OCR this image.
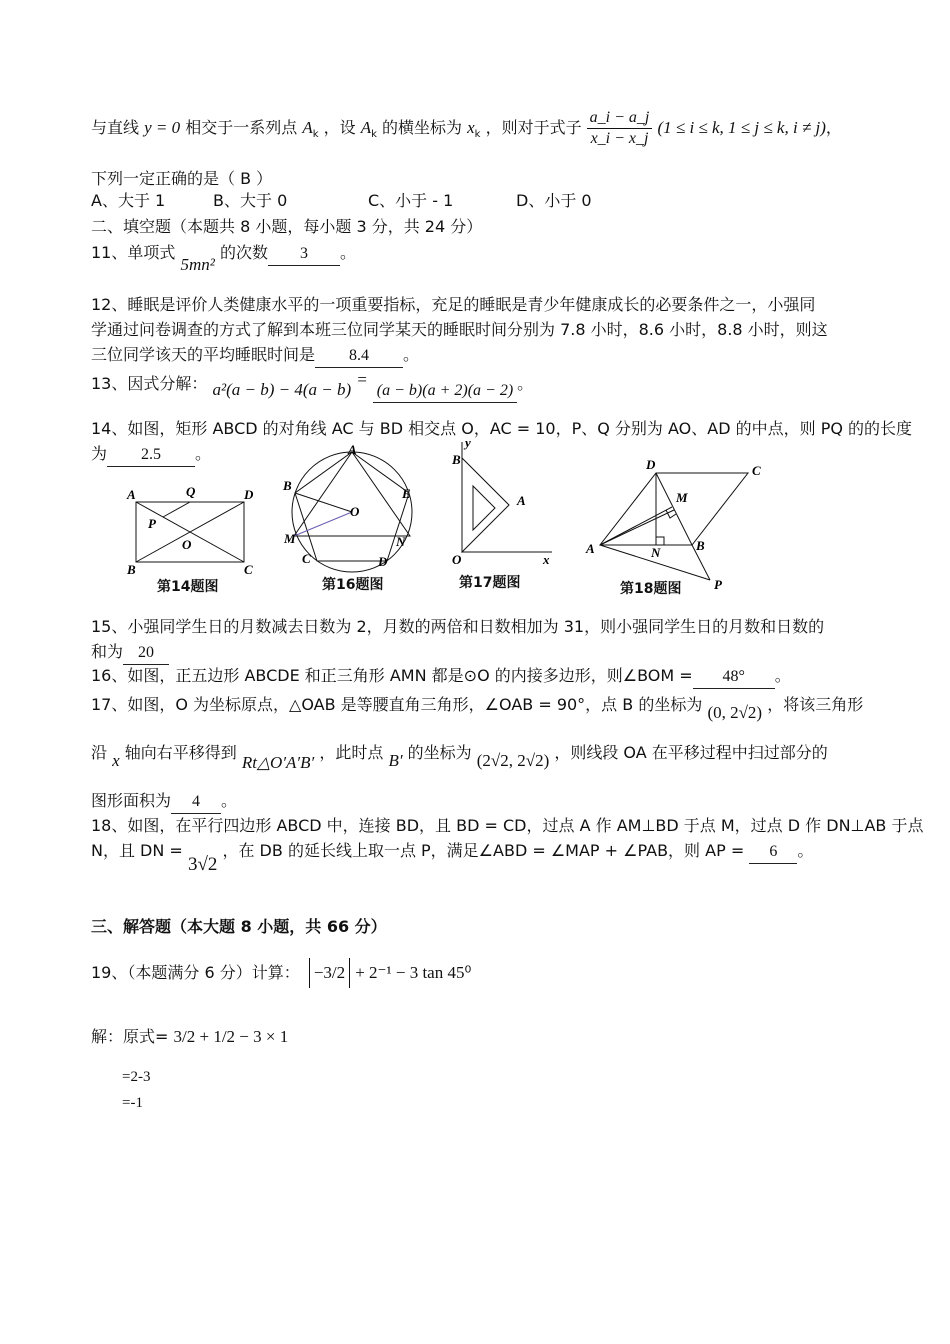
与直线 y = 0 相交于一系列点 $A_k$ ，设 $A_k$ 的横坐标为 $x_k$ ，则对于式子 $\frac{a\_i - a\_j}{x\_i - x\_j} (1 \le i \le k$, 1 ≤ j ≤ k, i ≠ j)，
下列一定正确的是（ B ）
A、大于 1	B、大于 0	C、小于 - 1	D、小于 0
二、填空题（本题共 8 小题，每小题 3 分，共 24 分）
11、单项式 5mn² 的次数 3 。
12、睡眠是评价人类健康水平的一项重要指标，充足的睡眠是青少年健康成长的必要条件之一，小强同
学通过问卷调查的方式了解到本班三位同学某天的睡眠时间分别为 7.8 小时，8.6 小时，8.8 小时，则这
三位同学该天的平均睡眠时间是 8.4 。
13、因式分解： a²(a − b) − 4(a − b) = (a − b)(a + 2)(a − 2) 。
14、如图，矩形 ABCD 的对角线 AC 与 BD 相交点 O，AC = 10，P、Q 分别为 AO、AD 的中点，则 PQ 的的长度
为 2.5 。
A	Q	D
P
O
B	C
第14题图
A
B
E
O
M	N
C	D
第16题图
y
B
A
O	x
第17题图
D	C
M
A	N	B
P
第18题图
15、小强同学生日的月数减去日数为 2，月数的两倍和日数相加为 31，则小强同学生日的月数和日数的
和为 20
16、如图，正五边形 ABCDE 和正三角形 AMN 都是⊙O 的内接多边形，则∠BOM = 48° 。
17、如图，O 为坐标原点，△OAB 是等腰直角三角形，∠OAB = 90°，点 B 的坐标为 (0, 2√2) ，将该三角形
沿 x 轴向右平移得到 Rt△O′A′B′ ，此时点 B′ 的坐标为 (2√2, 2√2) ，则线段 OA 在平移过程中扫过部分的
图形面积为 4 。
18、如图，在平行四边形 ABCD 中，连接 BD，且 BD = CD，过点 A 作 AM⊥BD 于点 M，过点 D 作 DN⊥AB 于点
N，且 DN = 3√2 ，在 DB 的延长线上取一点 P，满足∠ABD = ∠MAP + ∠PAB，则 AP = 6 。
三、解答题（本大题 8 小题，共 66 分）
19、（本题满分 6 分）计算： −3/2 + 2⁻¹ − 3 tan 45⁰
解：原式= 3/2 + 1/2 − 3 × 1
=2-3
=-1
